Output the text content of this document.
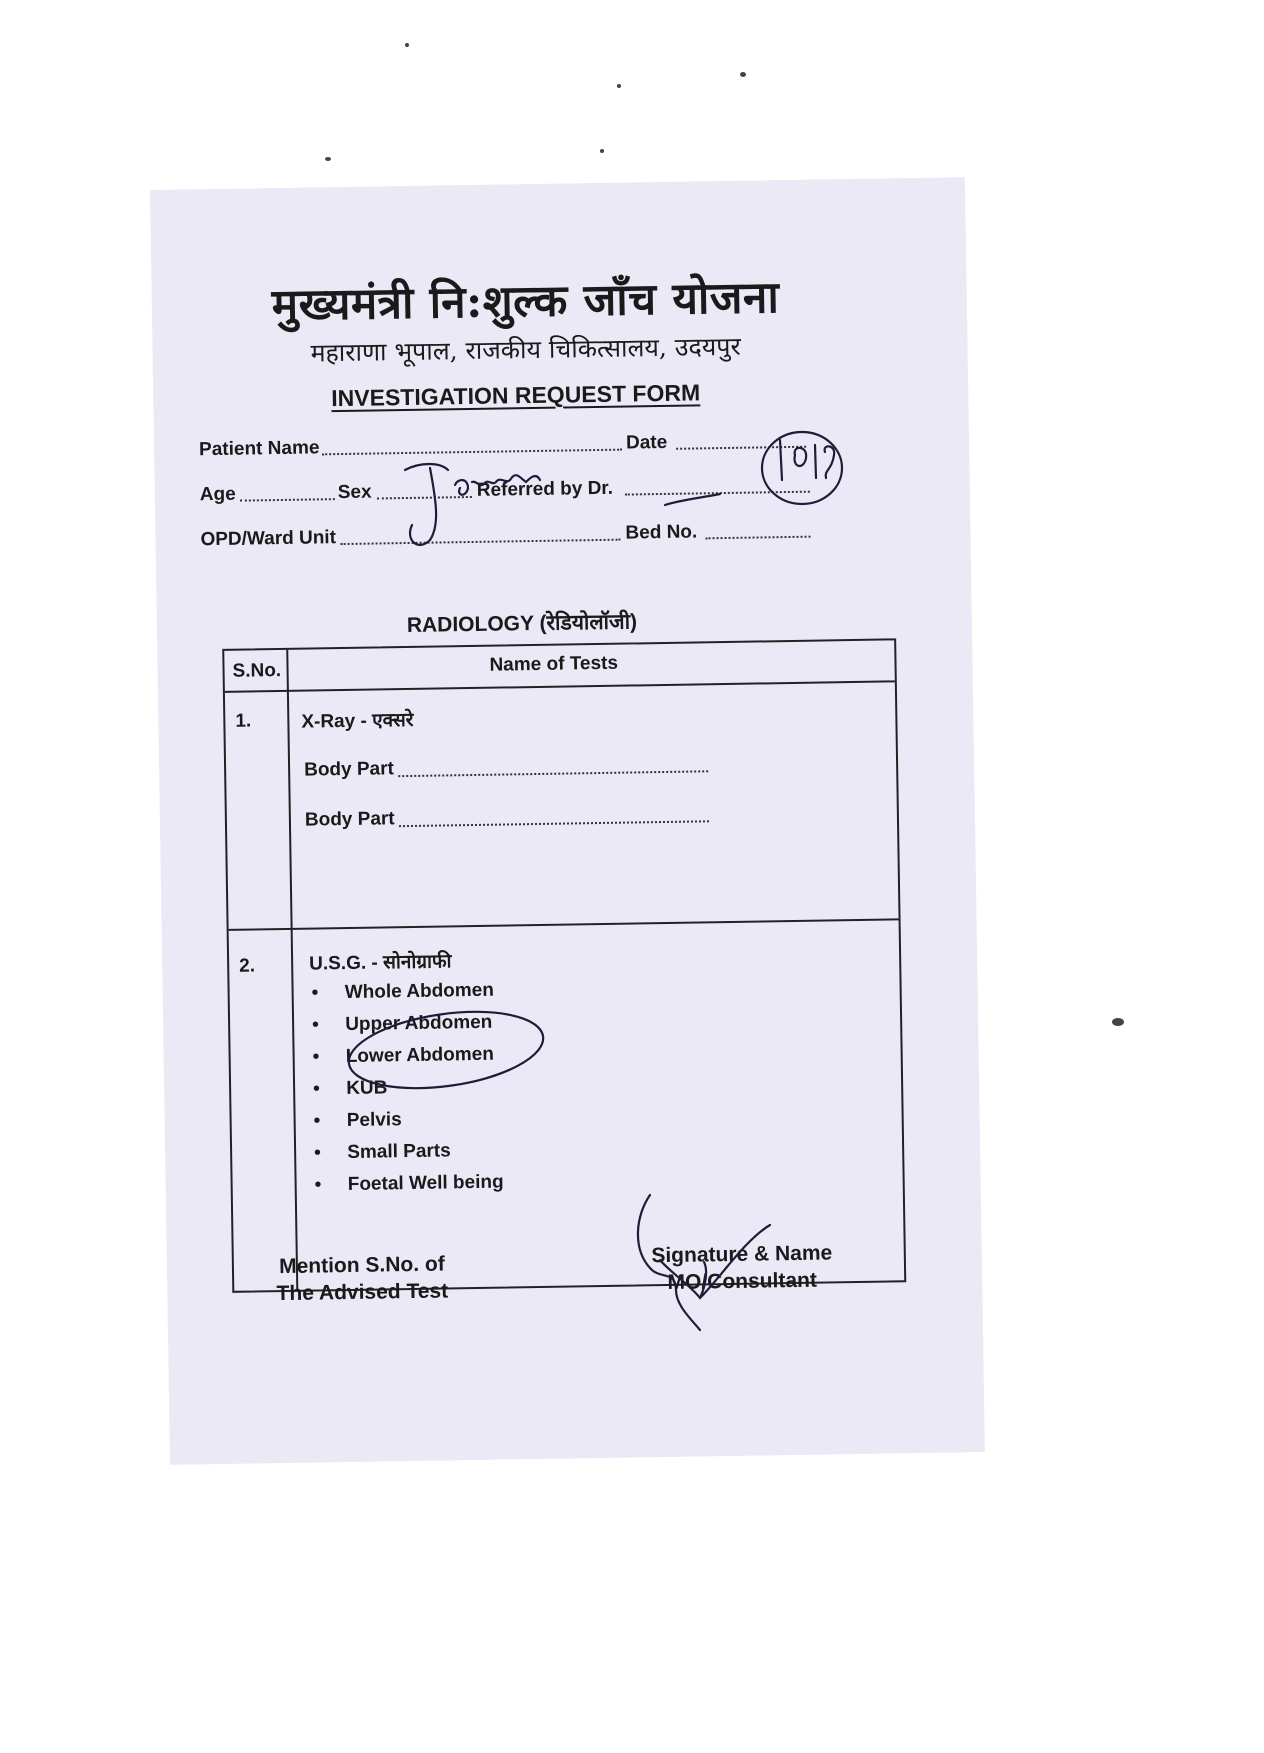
मुख्यमंत्री नि:शुल्क जाँच योजना
महाराणा भूपाल, राजकीय चिकित्सालय, उदयपुर
INVESTIGATION REQUEST FORM
Patient Name	Date
Age	Sex	Referred by Dr.
OPD/Ward Unit	Bed No.
RADIOLOGY (रेडियोलॉजी)
S.No.	Name of Tests
1.	X-Ray - एक्सरे
Body Part
Body Part
2.	U.S.G. - सोनोग्राफी
• Whole Abdomen
• Upper Abdomen
• Lower Abdomen
• KUB
• Pelvis
• Small Parts
• Foetal Well being
Mention S.No. of
The Advised Test
Signature & Name
MO/Consultant
